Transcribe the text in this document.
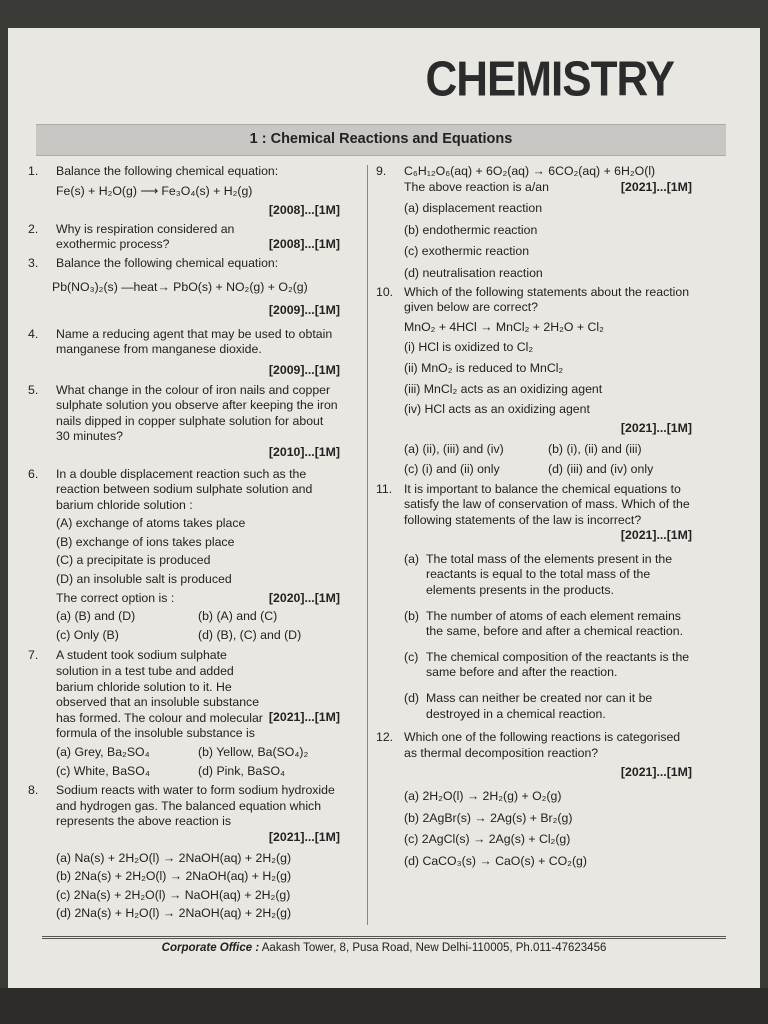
CHEMISTRY
1 : Chemical Reactions and Equations
1. Balance the following chemical equation:
Fe(s) + H₂O(g) ⟶ Fe₃O₄(s) + H₂(g)
[2008]...[1M]
2.
[2008]...[1M]
Why is respiration considered an exothermic process?
3. Balance the following chemical equation:
Pb(NO₃)₂(s) —heat→ PbO(s) + NO₂(g) + O₂(g)
[2009]...[1M]
4. Name a reducing agent that may be used to obtain manganese from manganese dioxide.
[2009]...[1M]
5. What change in the colour of iron nails and copper sulphate solution you observe after keeping the iron nails dipped in copper sulphate solution for about 30 minutes?
[2010]...[1M]
6. In a double displacement reaction such as the reaction between sodium sulphate solution and barium chloride solution :
(A) exchange of atoms takes place
(B) exchange of ions takes place
(C) a precipitate is produced
(D) an insoluble salt is produced
The correct option is :	[2020]...[1M]
(a) (B) and (D)	(b) (A) and (C)
(c) Only (B)	(d) (B), (C) and (D)
7.
[2021]...[1M]
A student took sodium sulphate solution in a test tube and added barium chloride solution to it. He observed that an insoluble substance has formed. The colour and molecular formula of the insoluble substance is
(a) Grey, Ba₂SO₄	(b) Yellow, Ba(SO₄)₂
(c) White, BaSO₄	(d) Pink, BaSO₄
8. Sodium reacts with water to form sodium hydroxide and hydrogen gas. The balanced equation which represents the above reaction is
[2021]...[1M]
(a) Na(s) + 2H₂O(l) → 2NaOH(aq) + 2H₂(g)
(b) 2Na(s) + 2H₂O(l) → 2NaOH(aq) + H₂(g)
(c) 2Na(s) + 2H₂O(l) → NaOH(aq) + 2H₂(g)
(d) 2Na(s) + H₂O(l) → 2NaOH(aq) + 2H₂(g)
9. C₆H₁₂O₆(aq) + 6O₂(aq) → 6CO₂(aq) + 6H₂O(l)
The above reaction is a/an	[2021]...[1M]
(a) displacement reaction
(b) endothermic reaction
(c) exothermic reaction
(d) neutralisation reaction
10. Which of the following statements about the reaction given below are correct?
MnO₂ + 4HCl → MnCl₂ + 2H₂O + Cl₂
(i) HCl is oxidized to Cl₂
(ii) MnO₂ is reduced to MnCl₂
(iii) MnCl₂ acts as an oxidizing agent
(iv) HCl acts as an oxidizing agent
[2021]...[1M]
(a) (ii), (iii) and (iv)	(b) (i), (ii) and (iii)
(c) (i) and (ii) only	(d) (iii) and (iv) only
11. It is important to balance the chemical equations to satisfy the law of conservation of mass. Which of the following statements of the law is incorrect?
[2021]...[1M]
(a) The total mass of the elements present in the reactants is equal to the total mass of the elements presents in the products.
(b) The number of atoms of each element remains the same, before and after a chemical reaction.
(c) The chemical composition of the reactants is the same before and after the reaction.
(d) Mass can neither be created nor can it be destroyed in a chemical reaction.
12. Which one of the following reactions is categorised as thermal decomposition reaction?
[2021]...[1M]
(a) 2H₂O(l) → 2H₂(g) + O₂(g)
(b) 2AgBr(s) → 2Ag(s) + Br₂(g)
(c) 2AgCl(s) → 2Ag(s) + Cl₂(g)
(d) CaCO₃(s) → CaO(s) + CO₂(g)
Corporate Office : Aakash Tower, 8, Pusa Road, New Delhi-110005, Ph.011-47623456
